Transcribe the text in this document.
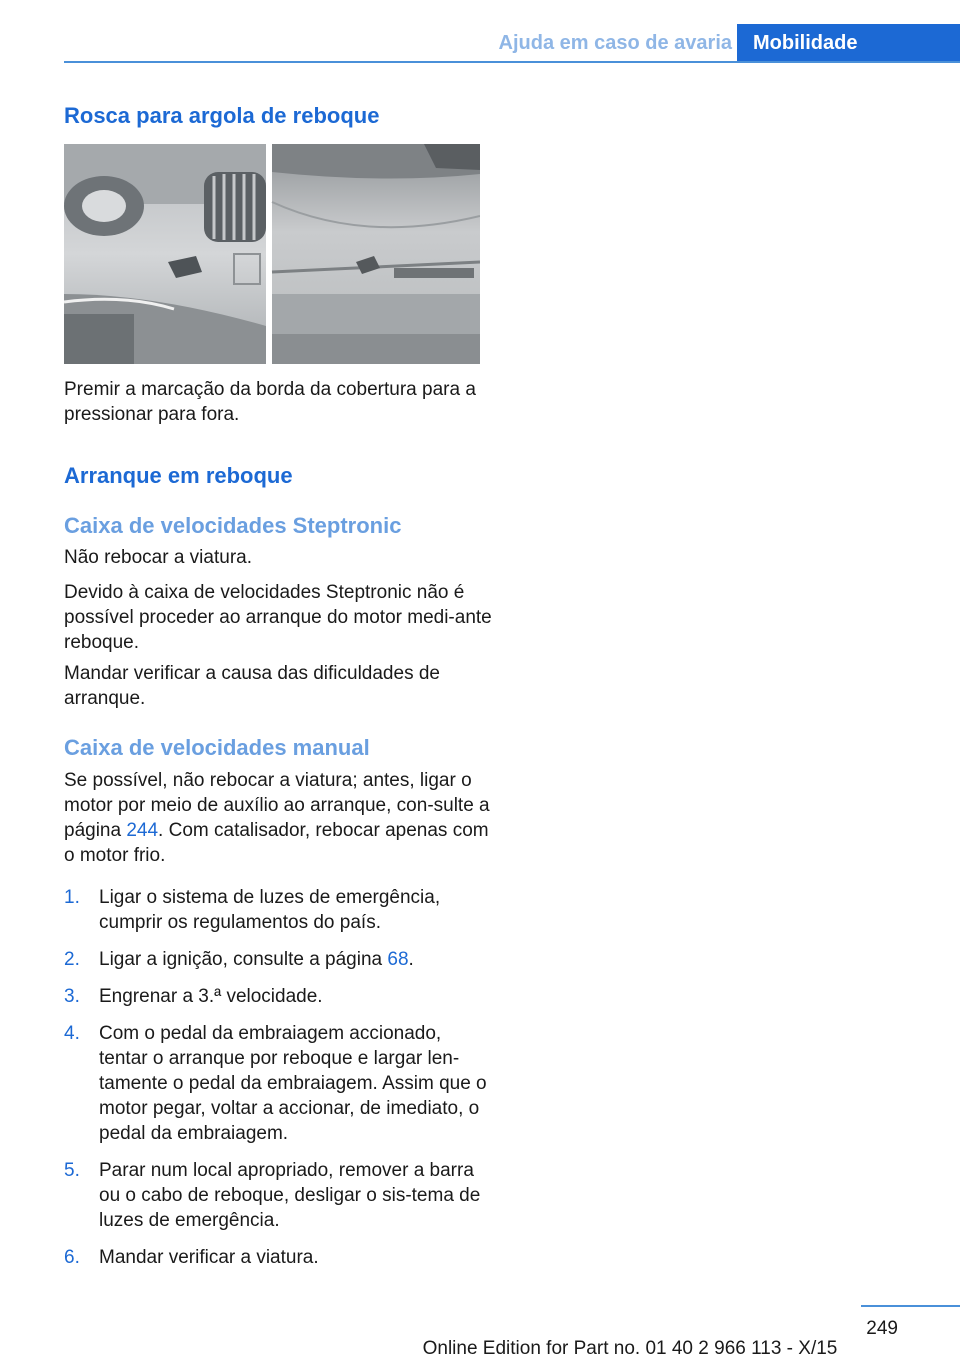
Ajuda em caso de avaria	Mobilidade
Rosca para argola de reboque

Premir a marcação da borda da cobertura para a pressionar para fora.

Arranque em reboque
Caixa de velocidades Steptronic

Não rebocar a viatura.

Devido à caixa de velocidades Steptronic não é possível proceder ao arranque do motor medi-ante reboque.

Mandar verificar a causa das dificuldades de arranque.

Caixa de velocidades manual

Se possível, não rebocar a viatura; antes, ligar o motor por meio de auxílio ao arranque, con-sulte a página 244. Com catalisador, rebocar apenas com o motor frio.

1. Ligar o sistema de luzes de emergência, cumprir os regulamentos do país.
2. Ligar a ignição, consulte a página 68.
3. Engrenar a 3.ª velocidade.
4. Com o pedal da embraiagem accionado, tentar o arranque por reboque e largar len-tamente o pedal da embraiagem. Assim que o motor pegar, voltar a accionar, de imediato, o pedal da embraiagem.
5. Parar num local apropriado, remover a barra ou o cabo de reboque, desligar o sis-tema de luzes de emergência.
6. Mandar verificar a viatura.
249
Online Edition for Part no. 01 40 2 966 113 - X/15
